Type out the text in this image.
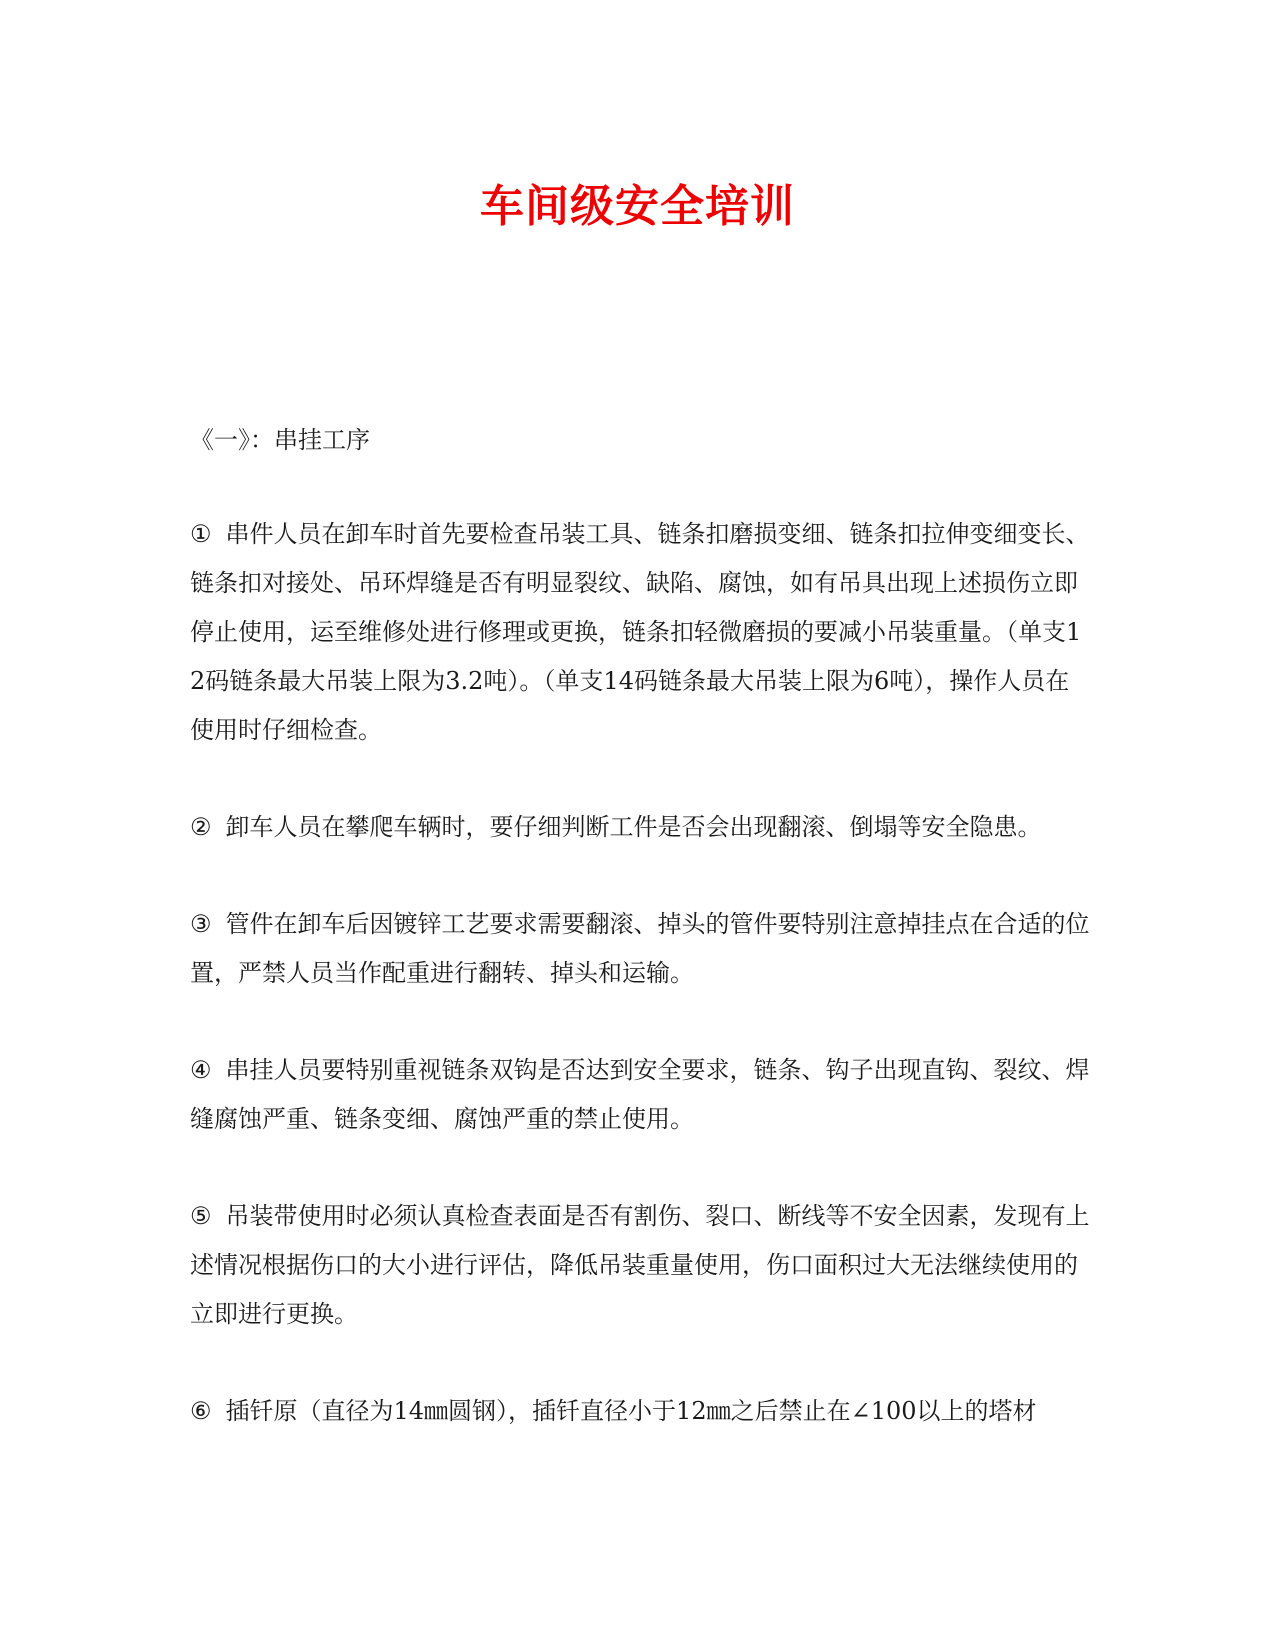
车间级安全培训

《一》：串挂工序

① 串件人员在卸车时首先要检查吊装工具、链条扣磨损变细、链条扣拉伸变细变长、链条扣对接处、吊环焊缝是否有明显裂纹、缺陷、腐蚀，如有吊具出现上述损伤立即停止使用，运至维修处进行修理或更换，链条扣轻微磨损的要减小吊装重量。（单支12码链条最大吊装上限为3.2吨）。（单支14码链条最大吊装上限为6吨），操作人员在使用时仔细检查。

② 卸车人员在攀爬车辆时，要仔细判断工件是否会出现翻滚、倒塌等安全隐患。

③ 管件在卸车后因镀锌工艺要求需要翻滚、掉头的管件要特别注意掉挂点在合适的位置，严禁人员当作配重进行翻转、掉头和运输。

④ 串挂人员要特别重视链条双钩是否达到安全要求，链条、钩子出现直钩、裂纹、焊缝腐蚀严重、链条变细、腐蚀严重的禁止使用。

⑤ 吊装带使用时必须认真检查表面是否有割伤、裂口、断线等不安全因素，发现有上述情况根据伤口的大小进行评估，降低吊装重量使用，伤口面积过大无法继续使用的立即进行更换。

⑥ 插钎原（直径为14㎜圆钢），插钎直径小于12㎜之后禁止在∠100以上的塔材
